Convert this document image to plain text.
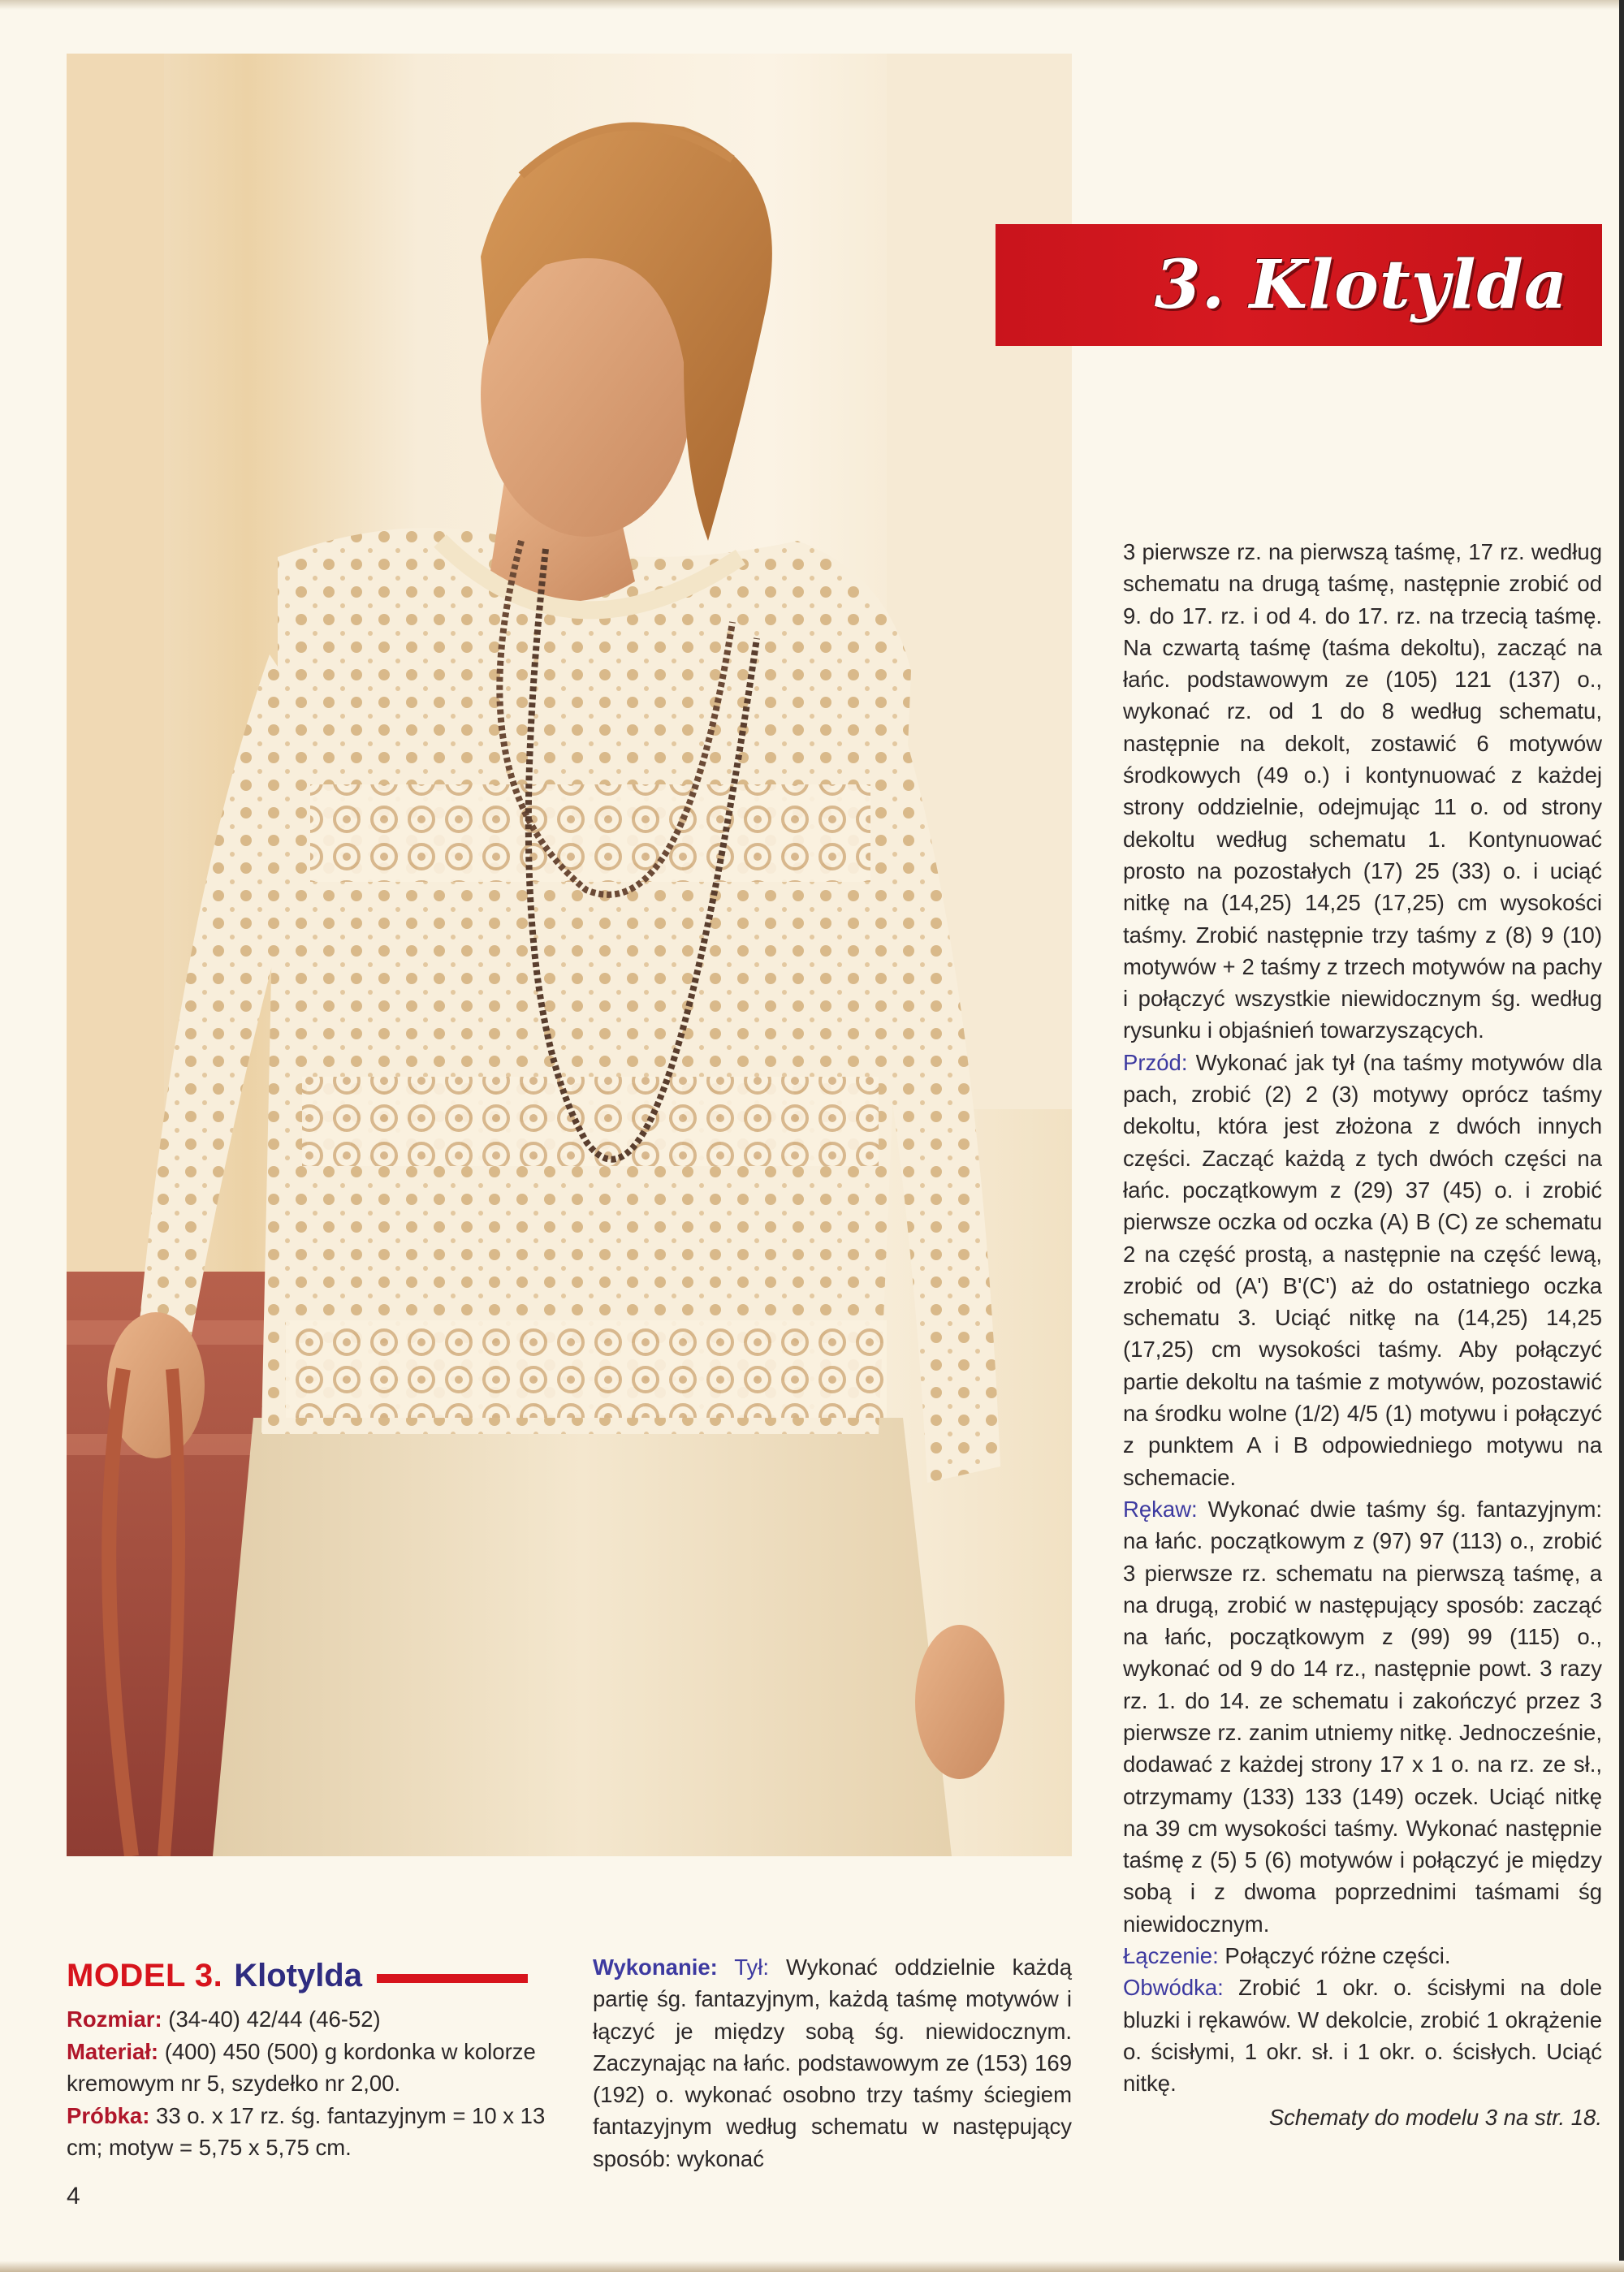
3. Klotylda

3 pierwsze rz. na pierwszą taśmę, 17 rz. według schematu na drugą taśmę, następnie zrobić od 9. do 17. rz. i od 4. do 17. rz. na trzecią taśmę. Na czwartą taśmę (taśma dekoltu), zacząć na łańc. podstawowym ze (105) 121 (137) o., wykonać rz. od 1 do 8 według schematu, następnie na dekolt, zostawić 6 motywów środkowych (49 o.) i kontynuować z każdej strony oddzielnie, odejmując 11 o. od strony dekoltu według schematu 1. Kontynuować prosto na pozostałych (17) 25 (33) o. i uciąć nitkę na (14,25) 14,25 (17,25) cm wysokości taśmy. Zrobić następnie trzy taśmy z (8) 9 (10) motywów + 2 taśmy z trzech motywów na pachy i połączyć wszystkie niewidocznym śg. według rysunku i objaśnień towarzyszących.

Przód: Wykonać jak tył (na taśmy motywów dla pach, zrobić (2) 2 (3) motywy oprócz taśmy dekoltu, która jest złożona z dwóch innych części. Zacząć każdą z tych dwóch części na łańc. początkowym z (29) 37 (45) o. i zrobić pierwsze oczka od oczka (A) B (C) ze schematu 2 na część prostą, a następnie na część lewą, zrobić od (A') B'(C') aż do ostatniego oczka schematu 3. Uciąć nitkę na (14,25) 14,25 (17,25) cm wysokości taśmy. Aby połączyć partie dekoltu na taśmie z motywów, pozostawić na środku wolne (1/2) 4/5 (1) motywu i połączyć z punktem A i B odpowiedniego motywu na schemacie.

Rękaw: Wykonać dwie taśmy śg. fantazyjnym: na łańc. początkowym z (97) 97 (113) o., zrobić 3 pierwsze rz. schematu na pierwszą taśmę, a na drugą, zrobić w następujący sposób: zacząć na łańc, początkowym z (99) 99 (115) o., wykonać od 9 do 14 rz., następnie powt. 3 razy rz. 1. do 14. ze schematu i zakończyć przez 3 pierwsze rz. zanim utniemy nitkę. Jednocześnie, dodawać z każdej strony 17 x 1 o. na rz. ze sł., otrzymamy (133) 133 (149) oczek. Uciąć nitkę na 39 cm wysokości taśmy. Wykonać następnie taśmę z (5) 5 (6) motywów i połączyć je między sobą i z dwoma poprzednimi taśmami śg niewidocznym.

Łączenie: Połączyć różne części.

Obwódka: Zrobić 1 okr. o. ścisłymi na dole bluzki i rękawów. W dekolcie, zrobić 1 okrążenie o. ścisłymi, 1 okr. sł. i 1 okr. o. ścisłych. Uciąć nitkę.

Schematy do modelu 3 na str. 18.
MODEL 3. Klotylda

Rozmiar: (34-40) 42/44 (46-52)

Materiał: (400) 450 (500) g kordonka w kolorze kremowym nr 5, szydełko nr 2,00.

Próbka: 33 o. x 17 rz. śg. fantazyjnym = 10 x 13 cm; motyw = 5,75 x 5,75 cm.

Wykonanie: Tył: Wykonać oddzielnie każdą partię śg. fantazyjnym, każdą taśmę motywów i łączyć je między sobą śg. niewidocznym. Zaczynając na łańc. podstawowym ze (153) 169 (192) o. wykonać osobno trzy taśmy ściegiem fantazyjnym według schematu w następujący sposób: wykonać

4
